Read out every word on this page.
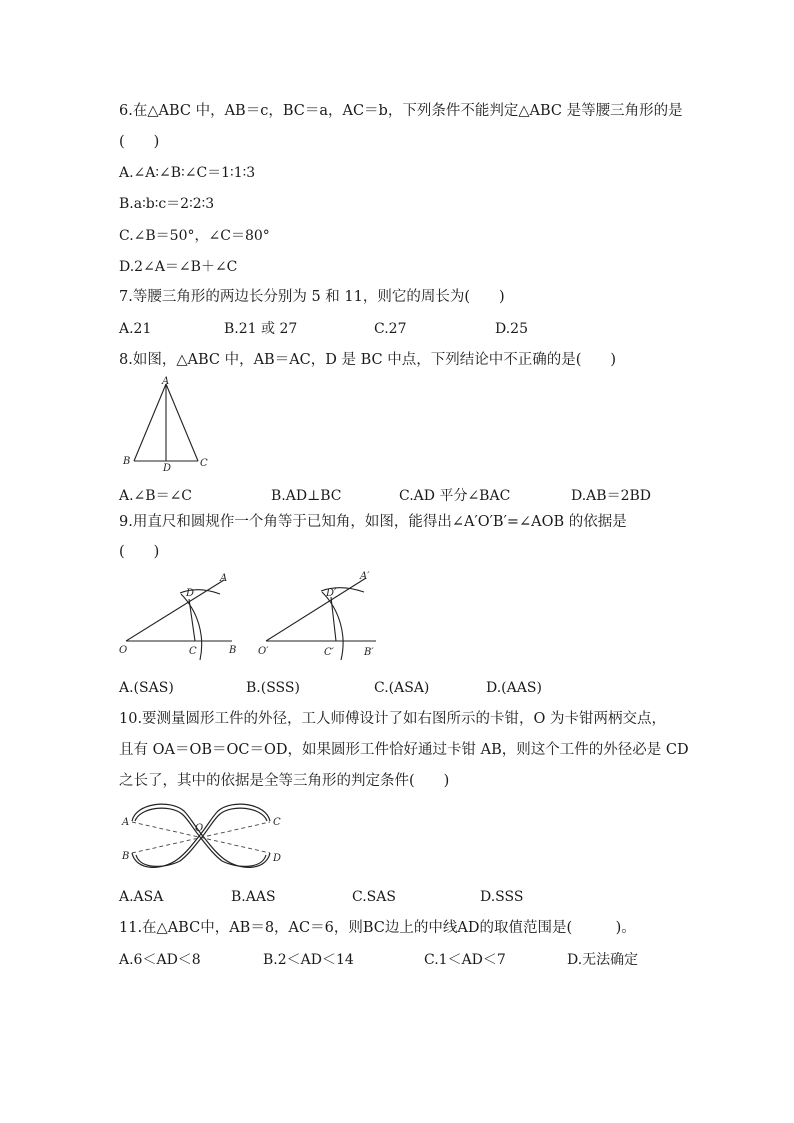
6.在△ABC 中，AB＝c，BC＝a，AC＝b，下列条件不能判定△ABC 是等腰三角形的是
(　　)
A.∠A∶∠B∶∠C＝1∶1∶3
B.a∶b∶c＝2∶2∶3
C.∠B＝50°，∠C＝80°
D.2∠A＝∠B＋∠C
7.等腰三角形的两边长分别为 5 和 11，则它的周长为(　　)
A.21	B.21 或 27	C.27	D.25
8.如图，△ABC 中，AB＝AC，D 是 BC 中点，下列结论中不正确的是(　　)
A
B	C
D
A.∠B＝∠C	B.AD⊥BC	C.AD 平分∠BAC	D.AB＝2BD
9.用直尺和圆规作一个角等于已知角，如图，能得出∠A′O′B′=∠AOB 的依据是
(　　)
O
A
B
C
D
O′
A′
B′
C′
D′
A.(SAS)	B.(SSS)	C.(ASA)	D.(AAS)
10.要测量圆形工件的外径，工人师傅设计了如右图所示的卡钳，O 为卡钳两柄交点，
且有 OA＝OB＝OC＝OD，如果圆形工件恰好通过卡钳 AB，则这个工件的外径必是 CD
之长了，其中的依据是全等三角形的判定条件(　　)
A
B
C
D
O
A.ASA	B.AAS	C.SAS	D.SSS
11.在△ABC中，AB＝8，AC＝6，则BC边上的中线AD的取值范围是(　　　)。
A.6＜AD＜8	B.2＜AD＜14	C.1＜AD＜7	D.无法确定
